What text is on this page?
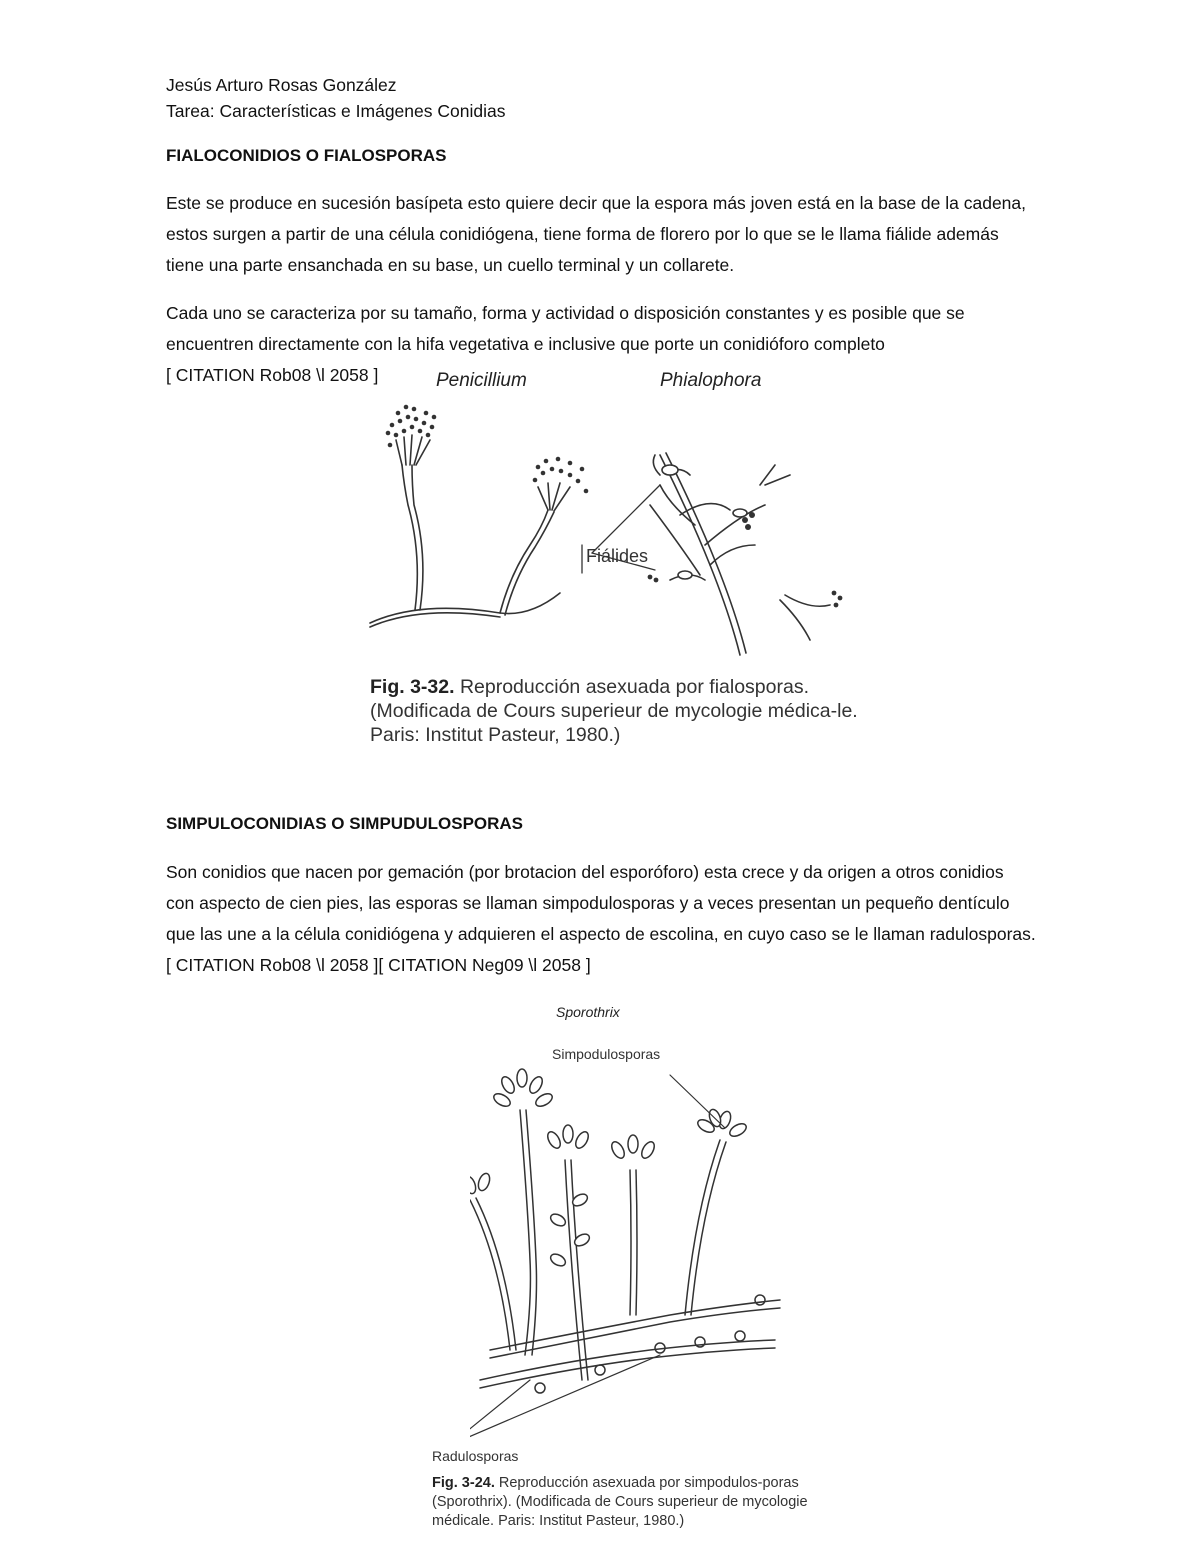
Jesús Arturo Rosas González
Tarea: Características e Imágenes Conidias
FIALOCONIDIOS O FIALOSPORAS

Este se produce en sucesión basípeta esto quiere decir que la espora más joven está en la base de la cadena, estos surgen a partir de una célula conidiógena, tiene forma de florero por lo que se le llama fiálide además tiene una parte ensanchada en su base, un cuello terminal y un collarete.

Cada uno se caracteriza por su tamaño, forma y actividad o disposición constantes y es posible que se encuentren directamente con la hifa vegetativa e inclusive que porte un conidióforo completo

[ CITATION Rob08 \l 2058 ]	Penicillium	Phialophora
Fiálides
Fig. 3-32. Reproducción asexuada por fialosporas. (Modificada de Cours superieur de mycologie médica-le. Paris: Institut Pasteur, 1980.)
SIMPULOCONIDIAS O SIMPUDULOSPORAS

Son conidios que nacen por gemación (por brotacion del esporóforo) esta crece y da origen a otros conidios con aspecto de cien pies, las esporas se llaman simpodulosporas y a veces presentan un pequeño dentículo que las une a la célula conidiógena y adquieren el aspecto de escolina, en cuyo caso se le llaman radulosporas.[ CITATION Rob08 \l 2058 ][ CITATION Neg09 \l 2058 ]

Sporothrix
Simpodulosporas
Radulosporas
Fig. 3-24. Reproducción asexuada por simpodulos-poras (Sporothrix). (Modificada de Cours superieur de mycologie médicale. Paris: Institut Pasteur, 1980.)
